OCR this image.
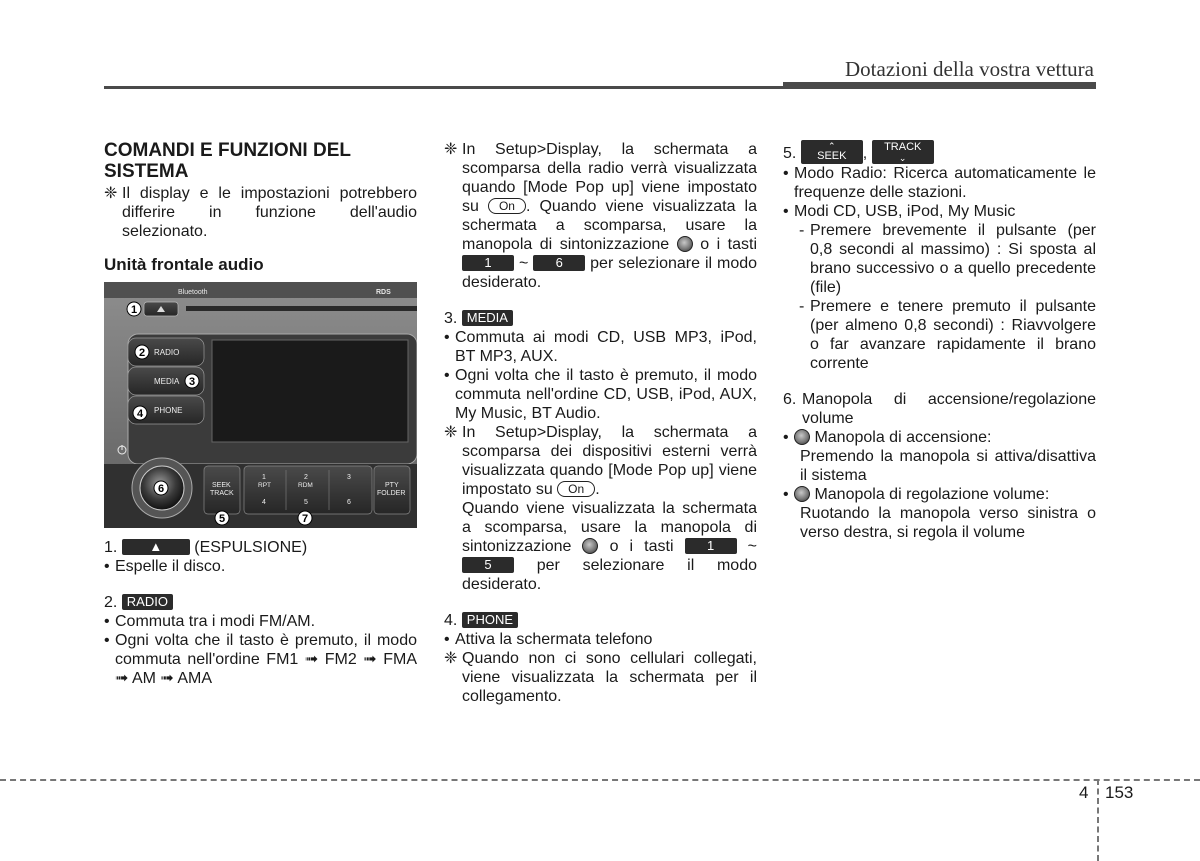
Dotazioni della vostra vettura
COMANDI E FUNZIONI DEL SISTEMA
❈ Il display e le impostazioni potrebbero differire in funzione dell'audio selezionato.
Unità frontale audio
Bluetooth	RDS
RADIO
MEDIA
PHONE
SEEK
TRACK
1
RPT
4
2
RDM
5
3
6
PTY
FOLDER
1
2
3
4
5
6
7
1. ▲ (ESPULSIONE)
• Espelle il disco.
2. RADIO
• Commuta tra i modi FM/AM.
• Ogni volta che il tasto è premuto, il modo commuta nell'ordine FM1 ➟ FM2 ➟ FMA ➟ AM ➟ AMA
❈ In Setup>Display, la schermata a scomparsa della radio verrà visualizzata quando [Mode Pop up] viene impostato su On . Quando viene visualizzata la schermata a scomparsa, usare la manopola di sintonizzazione o i tasti 1 ~ 6 per selezionare il modo desiderato.
3. MEDIA
• Commuta ai modi CD, USB MP3, iPod, BT MP3, AUX.
• Ogni volta che il tasto è premuto, il modo commuta nell'ordine CD, USB, iPod, AUX, My Music, BT Audio.
❈ In Setup>Display, la schermata a scomparsa dei dispositivi esterni verrà visualizzata quando [Mode Pop up] viene impostato su On .
Quando viene visualizzata la schermata a scomparsa, usare la manopola di sintonizzazione o i tasti	1 ~ 5	per selezionare il modo desiderato.
4. PHONE
• Attiva la schermata telefono
❈ Quando non ci sono cellulari collegati, viene visualizzata la schermata per il collegamento.
5.	⌃
SEEK	,	TRACK
⌄
• Modo Radio: Ricerca automaticamente le frequenze delle stazioni.
• Modi CD, USB, iPod, My Music
- Premere brevemente il pulsante (per 0,8 secondi al massimo) : Si sposta al brano successivo o a quello precedente (file)
- Premere e tenere premuto il pulsante (per almeno 0,8 secondi) : Riavvolgere o far avanzare rapidamente il brano corrente
6. Manopola di accensione/regolazione volume
• Manopola di accensione:
Premendo la manopola si attiva/disattiva il sistema
• Manopola di regolazione volume:
Ruotando la manopola verso sinistra o verso destra, si regola il volume
4 153
